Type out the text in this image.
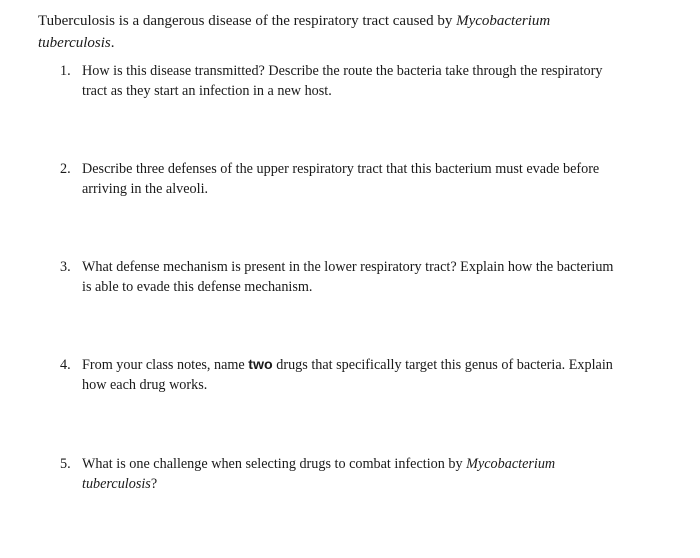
Tuberculosis is a dangerous disease of the respiratory tract caused by Mycobacterium tuberculosis.

1. How is this disease transmitted? Describe the route the bacteria take through the respiratory tract as they start an infection in a new host.

2. Describe three defenses of the upper respiratory tract that this bacterium must evade before arriving in the alveoli.

3. What defense mechanism is present in the lower respiratory tract? Explain how the bacterium is able to evade this defense mechanism.

4. From your class notes, name two drugs that specifically target this genus of bacteria. Explain how each drug works.

5. What is one challenge when selecting drugs to combat infection by Mycobacterium tuberculosis?
